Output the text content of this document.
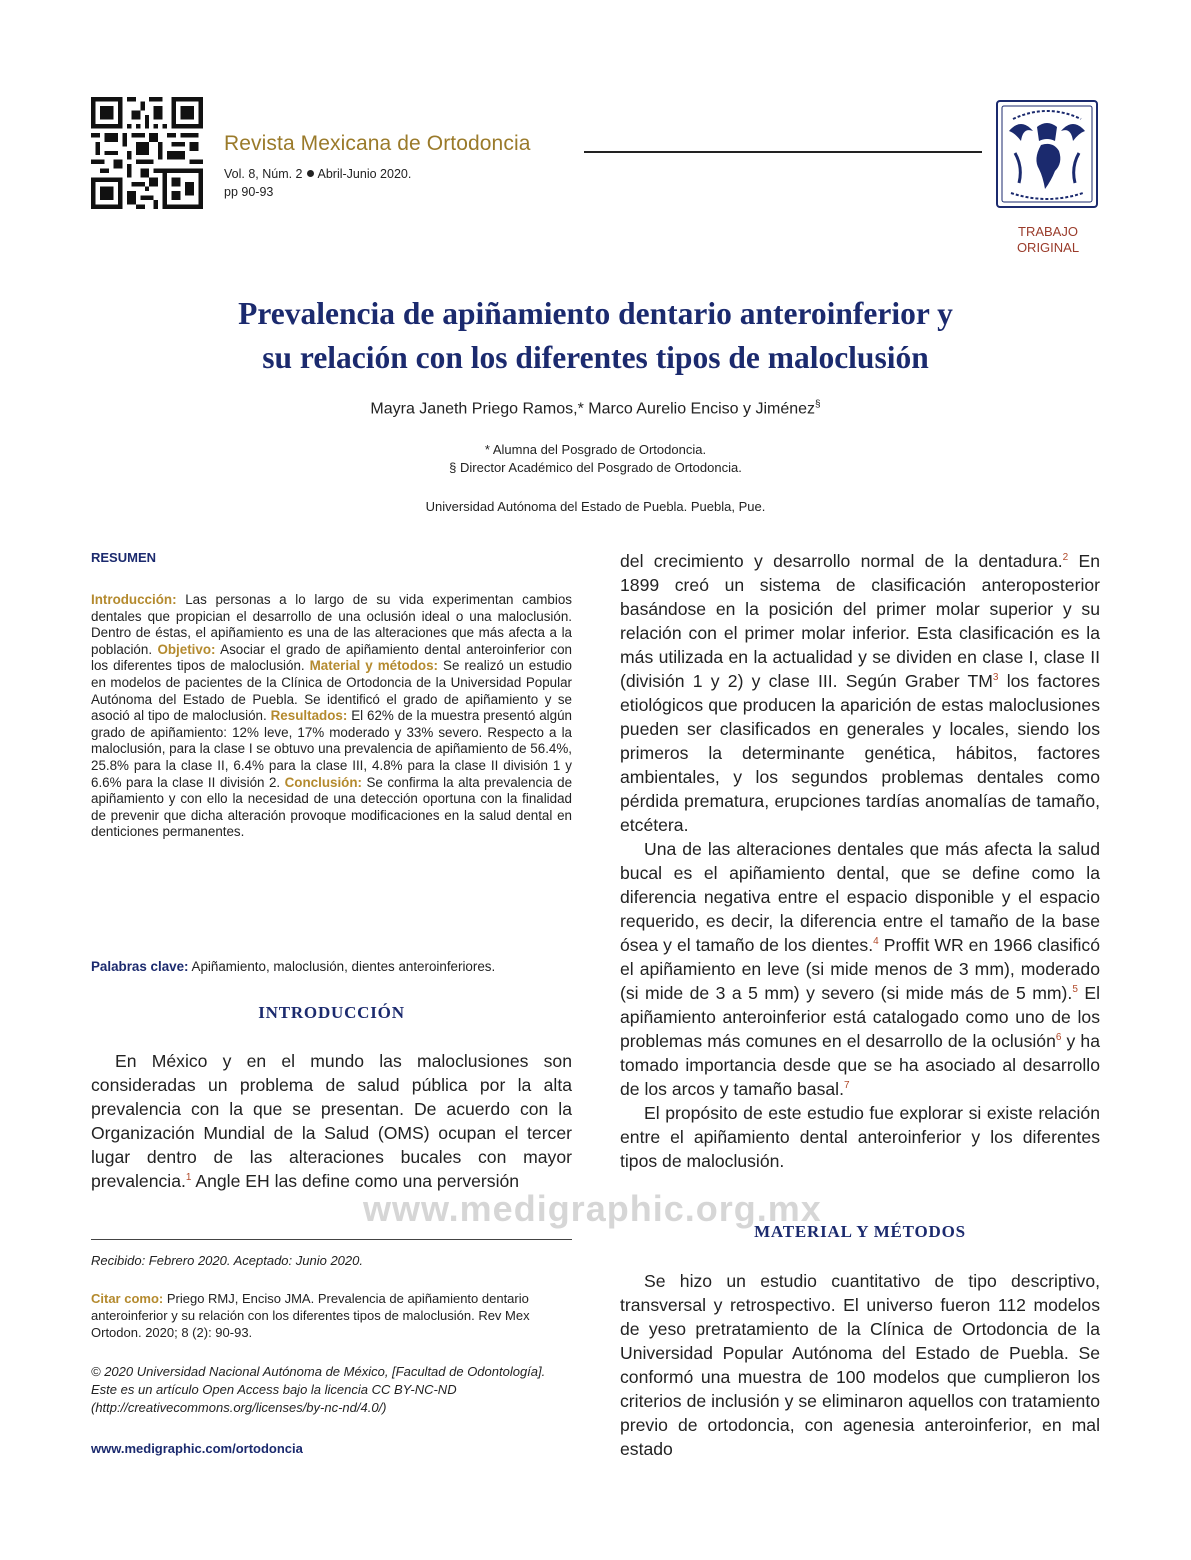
Revista Mexicana de Ortodoncia
Vol. 8, Núm. 2 Abril-Junio 2020.
pp 90-93
TRABAJO ORIGINAL
Prevalencia de apiñamiento dentario anteroinferior y
su relación con los diferentes tipos de maloclusión
Mayra Janeth Priego Ramos,* Marco Aurelio Enciso y Jiménez§
* Alumna del Posgrado de Ortodoncia.
§ Director Académico del Posgrado de Ortodoncia.
Universidad Autónoma del Estado de Puebla. Puebla, Pue.
RESUMEN

Introducción: Las personas a lo largo de su vida experimentan cambios dentales que propician el desarrollo de una oclusión ideal o una maloclusión. Dentro de éstas, el apiñamiento es una de las alteraciones que más afecta a la población. Objetivo: Asociar el grado de apiñamiento dental anteroinferior con los diferentes tipos de maloclusión. Material y métodos: Se realizó un estudio en modelos de pacientes de la Clínica de Ortodoncia de la Universidad Popular Autónoma del Estado de Puebla. Se identificó el grado de apiñamiento y se asoció al tipo de maloclusión. Resultados: El 62% de la muestra presentó algún grado de apiñamiento: 12% leve, 17% moderado y 33% severo. Respecto a la maloclusión, para la clase I se obtuvo una prevalencia de apiñamiento de 56.4%, 25.8% para la clase II, 6.4% para la clase III, 4.8% para la clase II división 1 y 6.6% para la clase II división 2. Conclusión: Se confirma la alta prevalencia de apiñamiento y con ello la necesidad de una detección oportuna con la finalidad de prevenir que dicha alteración provoque modificaciones en la salud dental en denticiones permanentes.

Palabras clave: Apiñamiento, maloclusión, dientes anteroinferiores.
INTRODUCCIÓN

En México y en el mundo las maloclusiones son consideradas un problema de salud pública por la alta prevalencia con la que se presentan. De acuerdo con la Organización Mundial de la Salud (OMS) ocupan el tercer lugar dentro de las alteraciones bucales con mayor prevalencia.$^1$ Angle EH las define como una perversión

Recibido: Febrero 2020. Aceptado: Junio 2020.

Citar como: Priego RMJ, Enciso JMA. Prevalencia de apiñamiento dentario anteroinferior y su relación con los diferentes tipos de maloclusión. Rev Mex Ortodon. 2020; 8 (2): 90-93.

© 2020 Universidad Nacional Autónoma de México, [Facultad de Odontología]. Este es un artículo Open Access bajo la licencia CC BY-NC-ND (http://creativecommons.org/licenses/by-nc-nd/4.0/)

www.medigraphic.com/ortodoncia

del crecimiento y desarrollo normal de la dentadura.$^2$ En 1899 creó un sistema de clasificación anteroposterior basándose en la posición del primer molar superior y su relación con el primer molar inferior. Esta clasificación es la más utilizada en la actualidad y se dividen en clase I, clase II (división 1 y 2) y clase III. Según Graber $TM^3$ los factores etiológicos que producen la aparición de estas maloclusiones pueden ser clasificados en generales y locales, siendo los primeros la determinante genética, hábitos, factores ambientales, y los segundos problemas dentales como pérdida prematura, erupciones tardías anomalías de tamaño, etcétera.

Una de las alteraciones dentales que más afecta la salud bucal es el apiñamiento dental, que se define como la diferencia negativa entre el espacio disponible y el espacio requerido, es decir, la diferencia entre el tamaño de la base ósea y el tamaño de los dientes.$^4$ Proffit WR en 1966 clasificó el apiñamiento en leve (si mide menos de 3 mm), moderado (si mide de 3 a 5 mm) y severo (si mide más de 5 mm).$^5$ El apiñamiento anteroinferior está catalogado como uno de los problemas más comunes en el desarrollo de la oclusión$^6$ y ha tomado importancia desde que se ha asociado al desarrollo de los arcos y tamaño basal.$^7$

El propósito de este estudio fue explorar si existe relación entre el apiñamiento dental anteroinferior y los diferentes tipos de maloclusión.

www.medigraphic.org.mx
MATERIAL Y MÉTODOS

Se hizo un estudio cuantitativo de tipo descriptivo, transversal y retrospectivo. El universo fueron 112 modelos de yeso pretratamiento de la Clínica de Ortodoncia de la Universidad Popular Autónoma del Estado de Puebla. Se conformó una muestra de 100 modelos que cumplieron los criterios de inclusión y se eliminaron aquellos con tratamiento previo de ortodoncia, con agenesia anteroinferior, en mal estado
